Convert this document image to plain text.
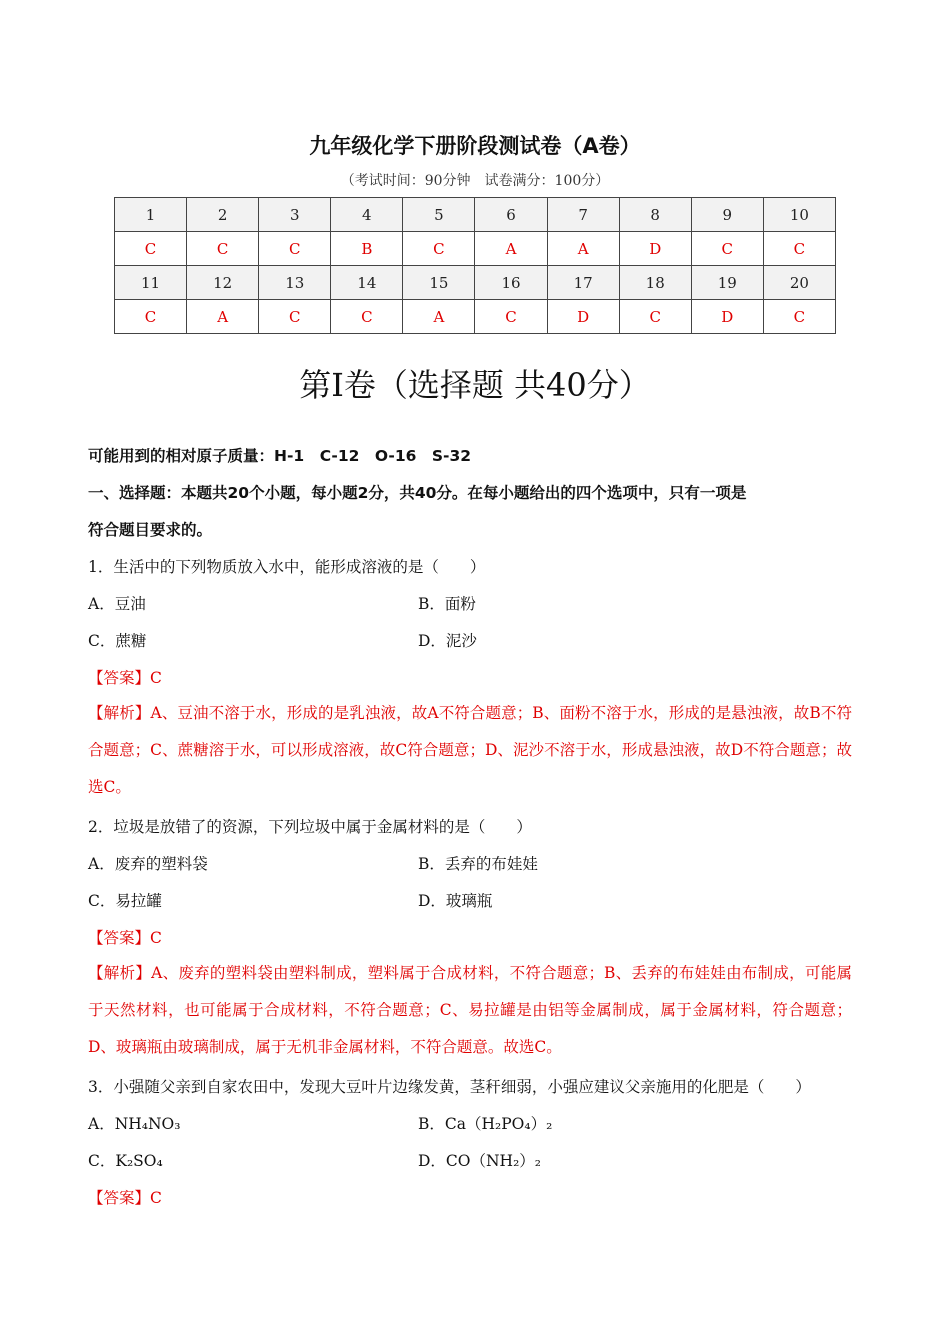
九年级化学下册阶段测试卷（A卷）
（考试时间：90分钟　试卷满分：100分）
1	2	3	4	5	6	7	8	9	10
C	C	C	B	C	A	A	D	C	C
11	12	13	14	15	16	17	18	19	20
C	A	C	C	A	C	D	C	D	C
第Ⅰ卷（选择题 共40分）
可能用到的相对原子质量：H-1　C-12　O-16　S-32
一、选择题：本题共20个小题，每小题2分，共40分。在每小题给出的四个选项中，只有一项是
符合题目要求的。
1．生活中的下列物质放入水中，能形成溶液的是（　　）
A．豆油	B．面粉
C．蔗糖	D．泥沙
【答案】C
【解析】A、豆油不溶于水，形成的是乳浊液，故A不符合题意；B、面粉不溶于水，形成的是悬浊液，故B不符合题意；C、蔗糖溶于水，可以形成溶液，故C符合题意；D、泥沙不溶于水，形成悬浊液，故D不符合题意；故选C。
2．垃圾是放错了的资源，下列垃圾中属于金属材料的是（　　）
A．废弃的塑料袋	B．丢弃的布娃娃
C．易拉罐	D．玻璃瓶
【答案】C
【解析】A、废弃的塑料袋由塑料制成，塑料属于合成材料，不符合题意；B、丢弃的布娃娃由布制成，可能属于天然材料，也可能属于合成材料，不符合题意；C、易拉罐是由铝等金属制成，属于金属材料，符合题意；D、玻璃瓶由玻璃制成，属于无机非金属材料，不符合题意。故选C。
3．小强随父亲到自家农田中，发现大豆叶片边缘发黄，茎秆细弱，小强应建议父亲施用的化肥是（　　）
A．NH₄NO₃	B．Ca（H₂PO₄）₂
C．K₂SO₄	D．CO（NH₂）₂
【答案】C
